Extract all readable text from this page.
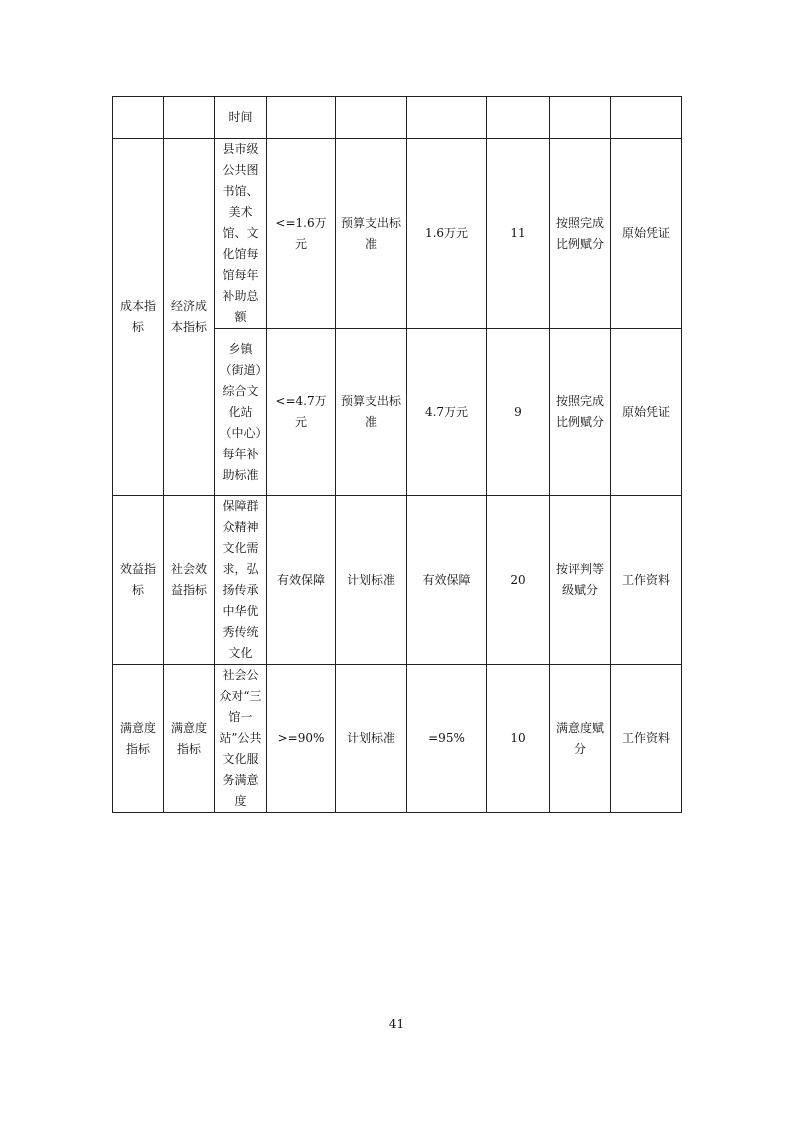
		时间						
成本指标	经济成本指标	县市级公共图书馆、美术馆、文化馆每馆每年补助总额	<=1.6万元	预算支出标准	1.6万元	11	按照完成比例赋分	原始凭证
		乡镇（街道）综合文化站（中心）每年补助标准	<=4.7万元	预算支出标准	4.7万元	9	按照完成比例赋分	原始凭证
效益指标	社会效益指标	保障群众精神文化需求，弘扬传承中华优秀传统文化	有效保障	计划标准	有效保障	20	按评判等级赋分	工作资料
满意度指标	满意度指标	社会公众对“三馆一站”公共文化服务满意度	>=90%	计划标准	=95%	10	满意度赋分	工作资料
41
